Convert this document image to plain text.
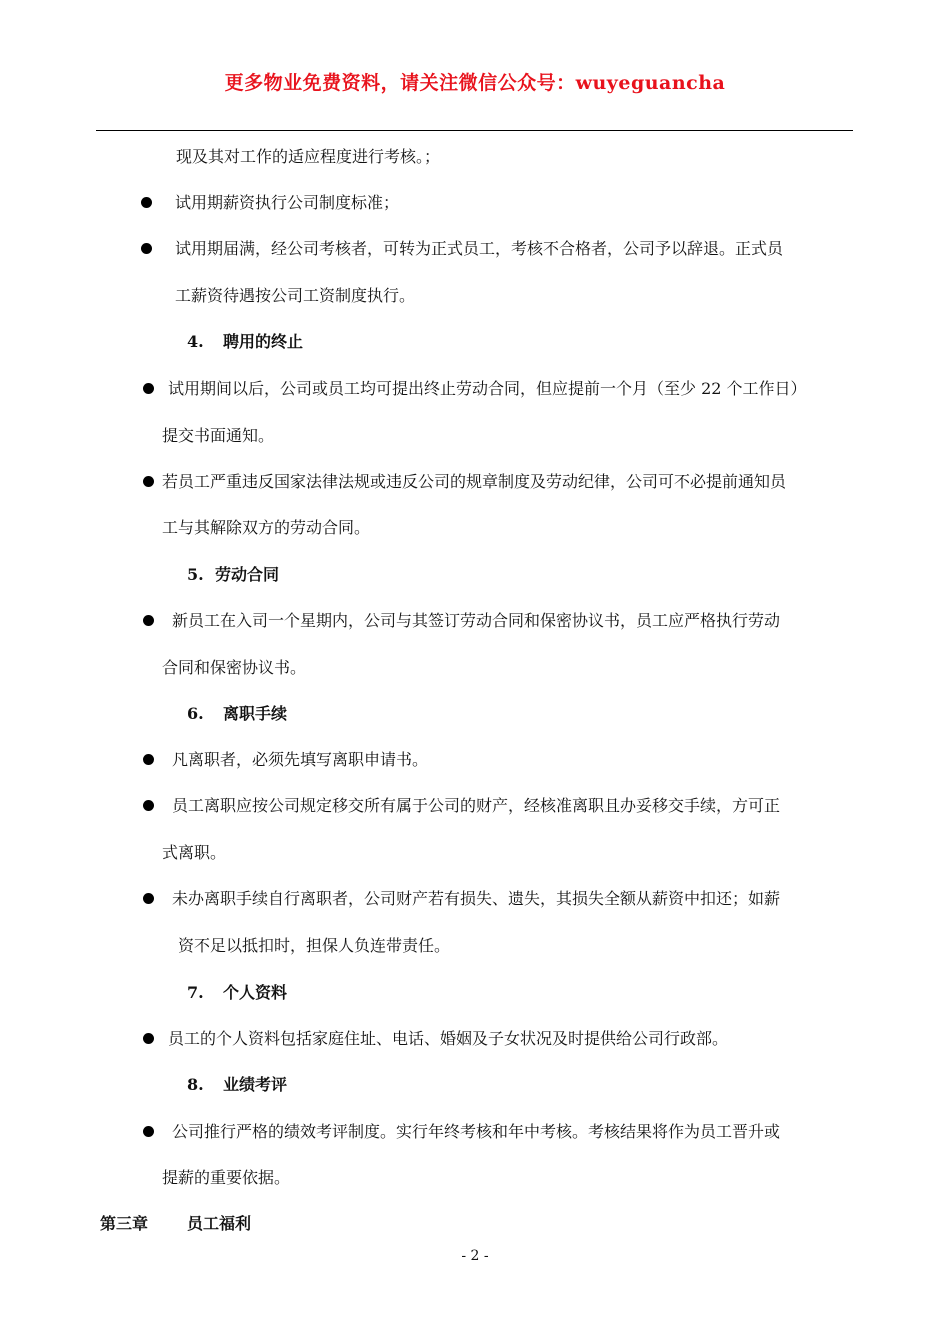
更多物业免费资料，请关注微信公众号：wuyeguancha
现及其对工作的适应程度进行考核。；
试用期薪资执行公司制度标准；
试用期届满，经公司考核者，可转为正式员工，考核不合格者，公司予以辞退。正式员
工薪资待遇按公司工资制度执行。
4. 聘用的终止
试用期间以后，公司或员工均可提出终止劳动合同，但应提前一个月（至少 22 个工作日）
提交书面通知。
若员工严重违反国家法律法规或违反公司的规章制度及劳动纪律，公司可不必提前通知员
工与其解除双方的劳动合同。
5. 劳动合同
新员工在入司一个星期内，公司与其签订劳动合同和保密协议书，员工应严格执行劳动
合同和保密协议书。
6. 离职手续
凡离职者，必须先填写离职申请书。
员工离职应按公司规定移交所有属于公司的财产，经核准离职且办妥移交手续，方可正
式离职。
未办离职手续自行离职者，公司财产若有损失、遗失，其损失全额从薪资中扣还；如薪
资不足以抵扣时，担保人负连带责任。
7. 个人资料
员工的个人资料包括家庭住址、电话、婚姻及子女状况及时提供给公司行政部。
8. 业绩考评
公司推行严格的绩效考评制度。实行年终考核和年中考核。考核结果将作为员工晋升或
提薪的重要依据。
第三章 员工福利
- 2 -
